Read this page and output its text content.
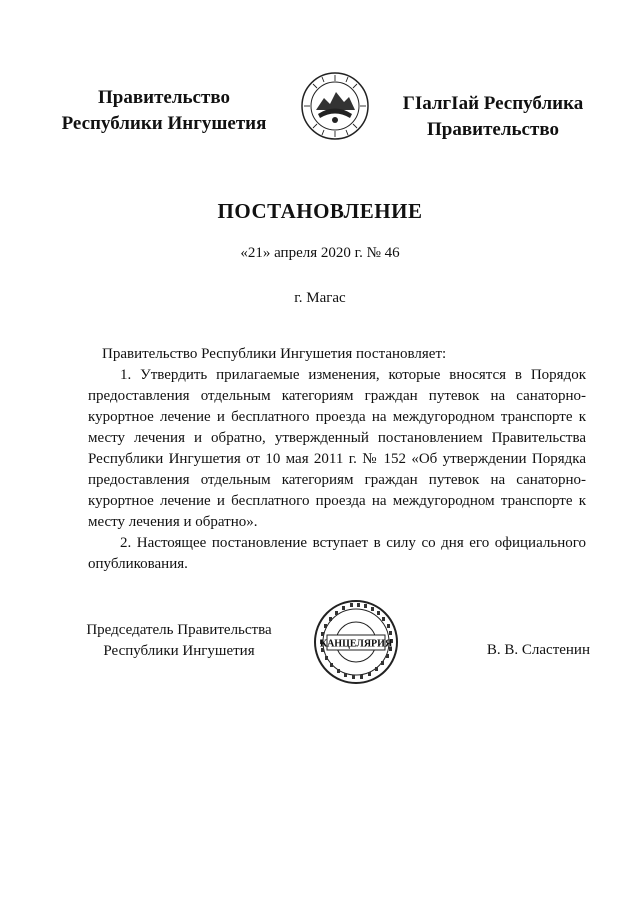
Правительство
Республики Ингушетия
ГӀалгӀай Республика
Правительство
ПОСТАНОВЛЕНИЕ
«21» апреля 2020 г. № 46
г. Магас
Правительство Республики Ингушетия постановляет:

1. Утвердить прилагаемые изменения, которые вносятся в Порядок предоставления отдельным категориям граждан путевок на санаторно-курортное лечение и бесплатного проезда на междугородном транспорте к месту лечения и обратно, утвержденный постановлением Правительства Республики Ингушетия от 10 мая 2011 г. № 152 «Об утверждении Порядка предоставления отдельным категориям граждан путевок на санаторно-курортное лечение и бесплатного проезда на междугородном транспорте к месту лечения и обратно».

2. Настоящее постановление вступает в силу со дня его официального опубликования.

Председатель Правительства
Республики Ингушетия	КАНЦЕЛЯРИЯ	В. В. Сластенин
